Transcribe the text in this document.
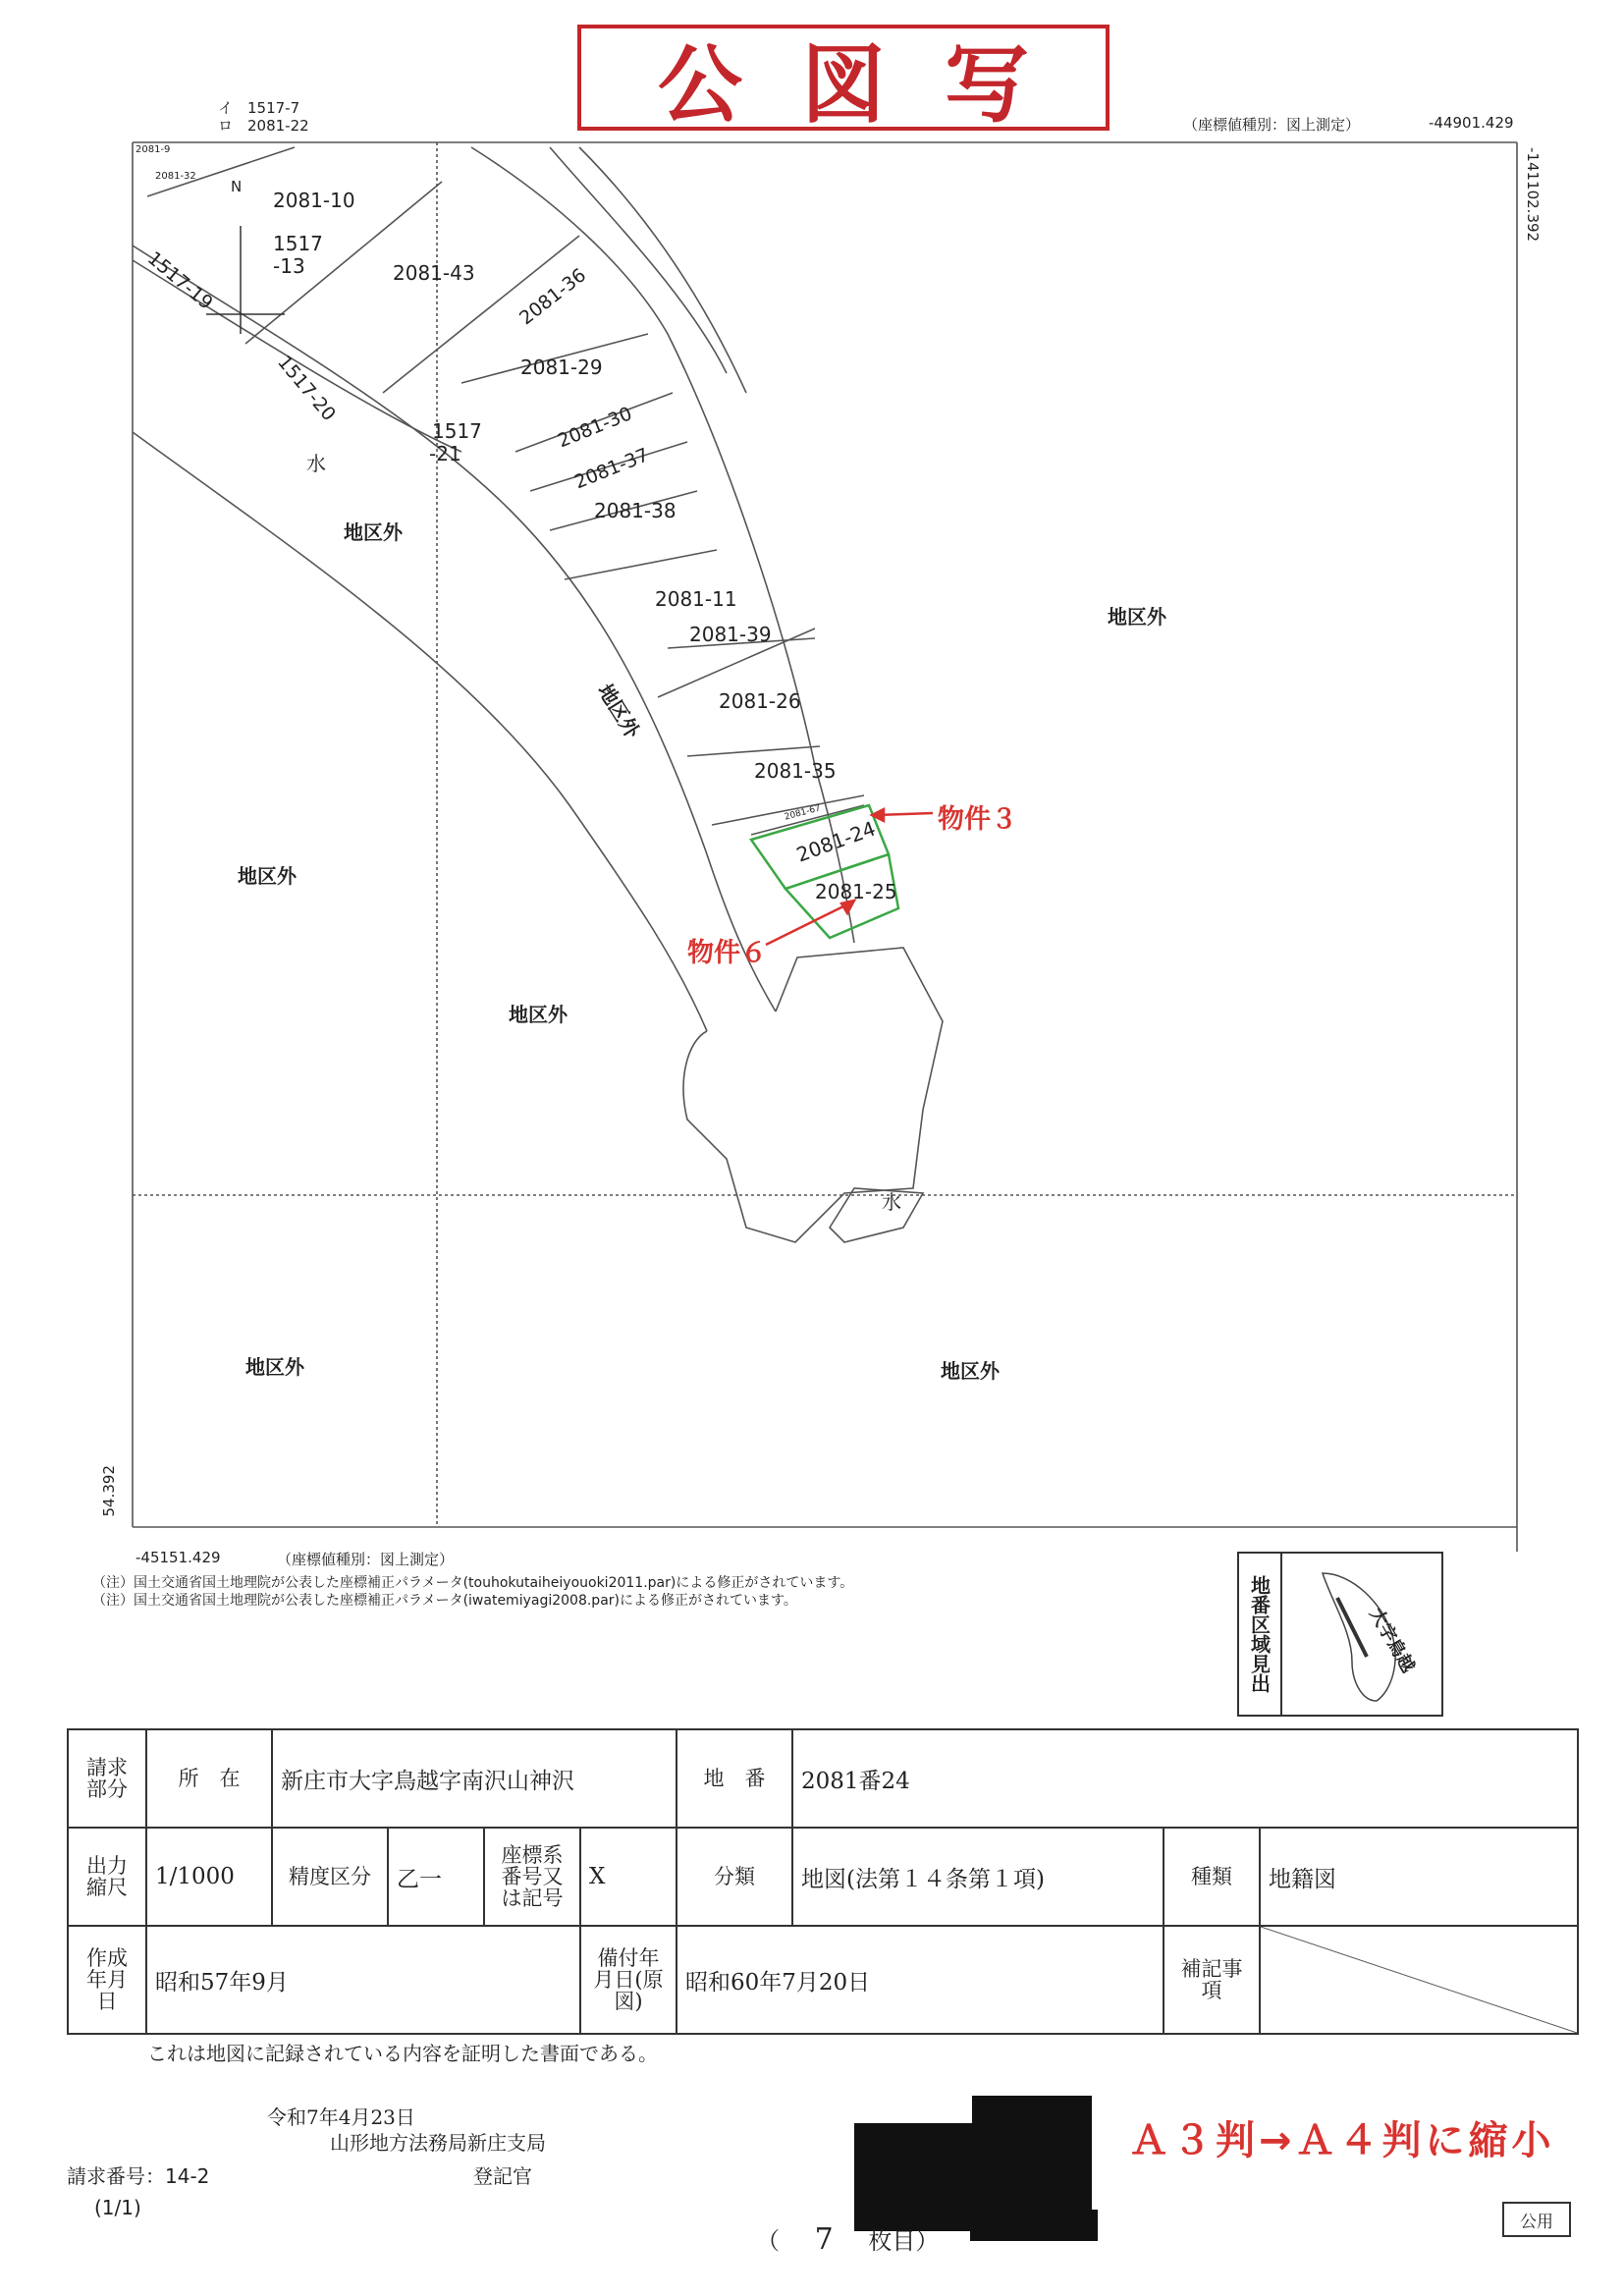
公図写
2081-9
2081-32
N
2081-10
1517
-13
1517-19	2081-43 2081-36
1517-20	2081-29
1517
-21
2081-30
2081-37
2081-38
水
地区外
2081-11
2081-39
地区外
地区外	2081-26
2081-35
2081-67
2081-24
2081-25
物件３
物件６
地区外
地区外
水
地区外	地区外
イ　1517-7
ロ　2081-22	（座標値種別：図上測定）	-44901.429
-141102.392
54.392
-45151.429	（座標値種別：図上測定）
（注）国土交通省国土地理院が公表した座標補正パラメータ(touhokutaiheiyouoki2011.par)による修正がされています。
（注）国土交通省国土地理院が公表した座標補正パラメータ(iwatemiyagi2008.par)による修正がされています。	地番区域見出	大字鳥越
請求部分	所　在	新庄市大字鳥越字南沢山神沢				地　番	2081番24		
出力縮尺	1/1000	精度区分	乙一	座標系番号又は記号	X	分類	地図(法第１４条第１項)	種類	地籍図
作成年月日	昭和57年9月				備付年月日(原図)	昭和60年7月20日		補記事項	
これは地図に記録されている内容を証明した書面である。
令和7年4月23日
山形地方法務局新庄支局
登記官
請求番号：14-2
(1/1)
Ａ３判→Ａ４判に縮小
公用
（ 7 枚目）
